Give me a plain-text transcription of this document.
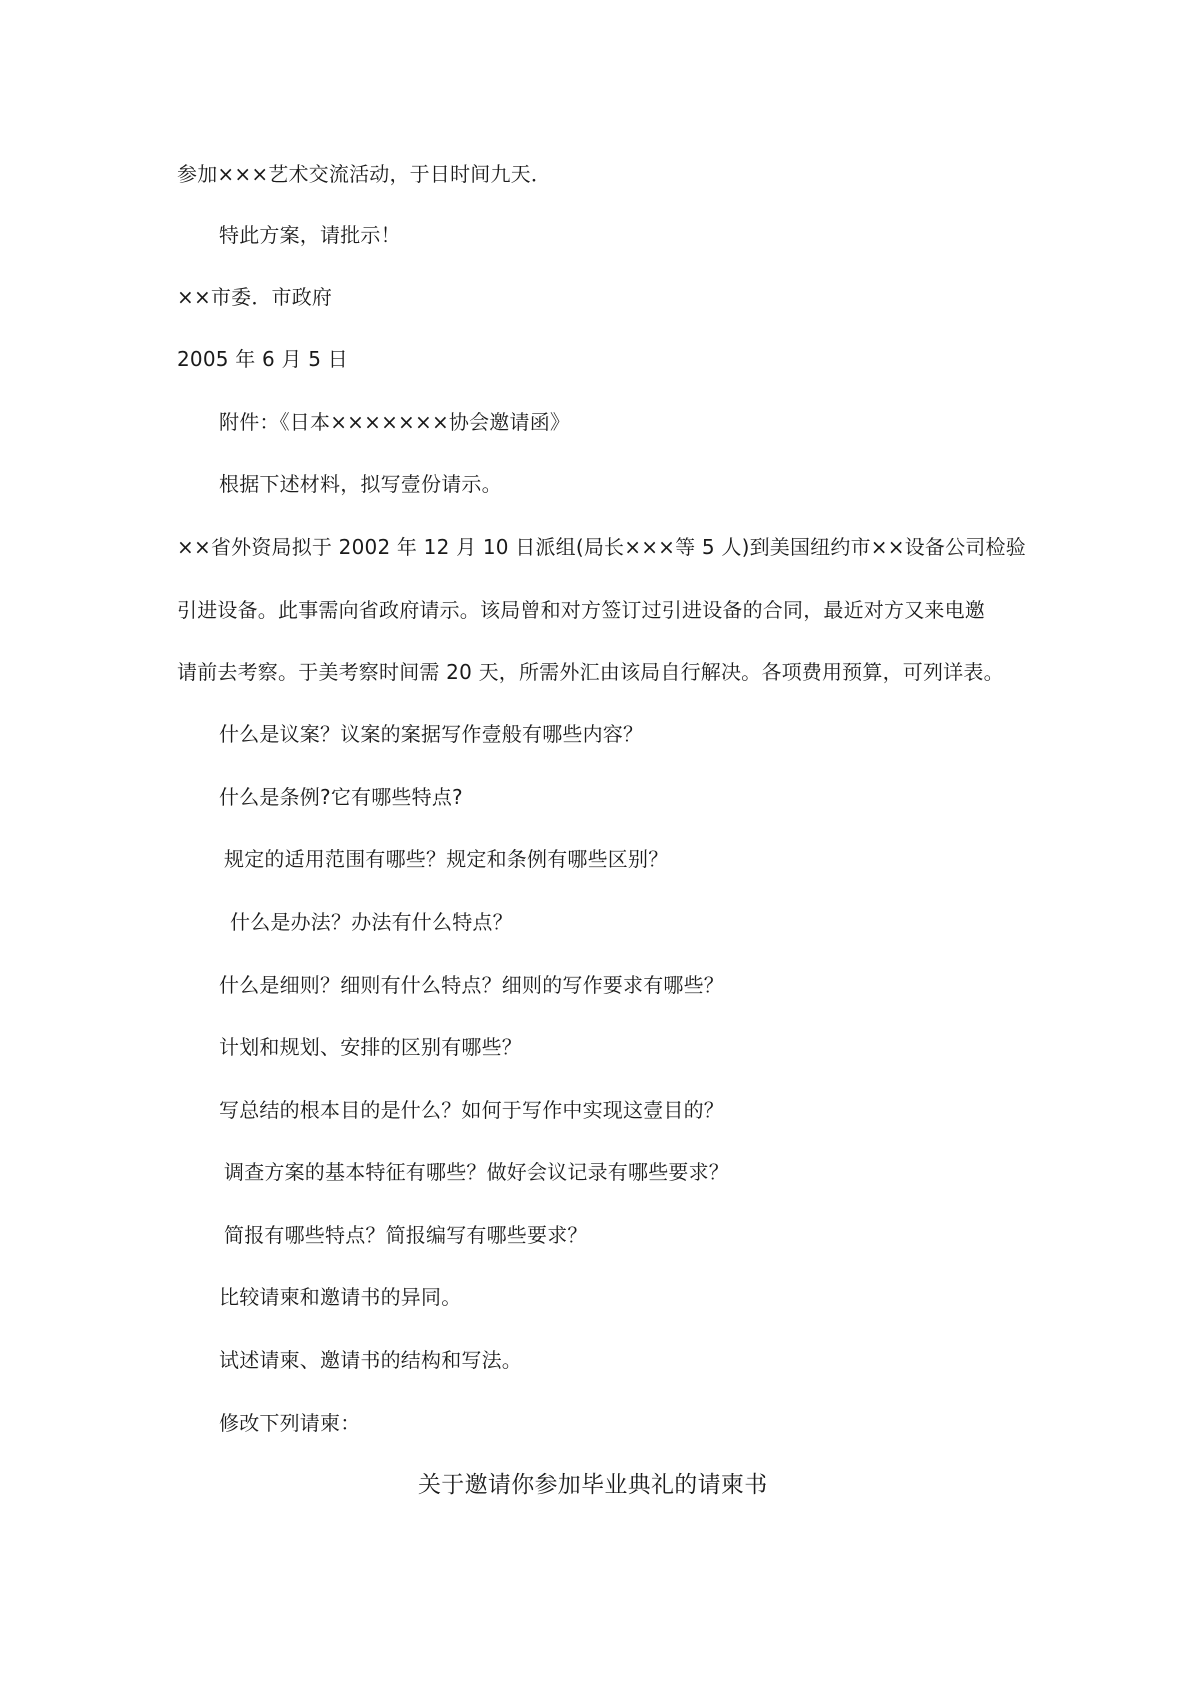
参加×××艺术交流活动，于日时间九天．
特此方案，请批示！
××市委．市政府
2005 年 6 月 5 日
附件：《日本×××××××协会邀请函》
根据下述材料，拟写壹份请示。
××省外资局拟于 2002 年 12 月 10 日派组(局长×××等 5 人)到美国纽约市××设备公司检验
引进设备。此事需向省政府请示。该局曾和对方签订过引进设备的合同，最近对方又来电邀
请前去考察。于美考察时间需 20 天，所需外汇由该局自行解决。各项费用预算，可列详表。
什么是议案？议案的案据写作壹般有哪些内容？
什么是条例?它有哪些特点?
规定的适用范围有哪些？规定和条例有哪些区别？
什么是办法？办法有什么特点？
什么是细则？细则有什么特点？细则的写作要求有哪些？
计划和规划、安排的区别有哪些？
写总结的根本目的是什么？如何于写作中实现这壹目的？
调查方案的基本特征有哪些？做好会议记录有哪些要求？
简报有哪些特点？简报编写有哪些要求？
比较请柬和邀请书的异同。
试述请柬、邀请书的结构和写法。
修改下列请柬：
关于邀请你参加毕业典礼的请柬书
